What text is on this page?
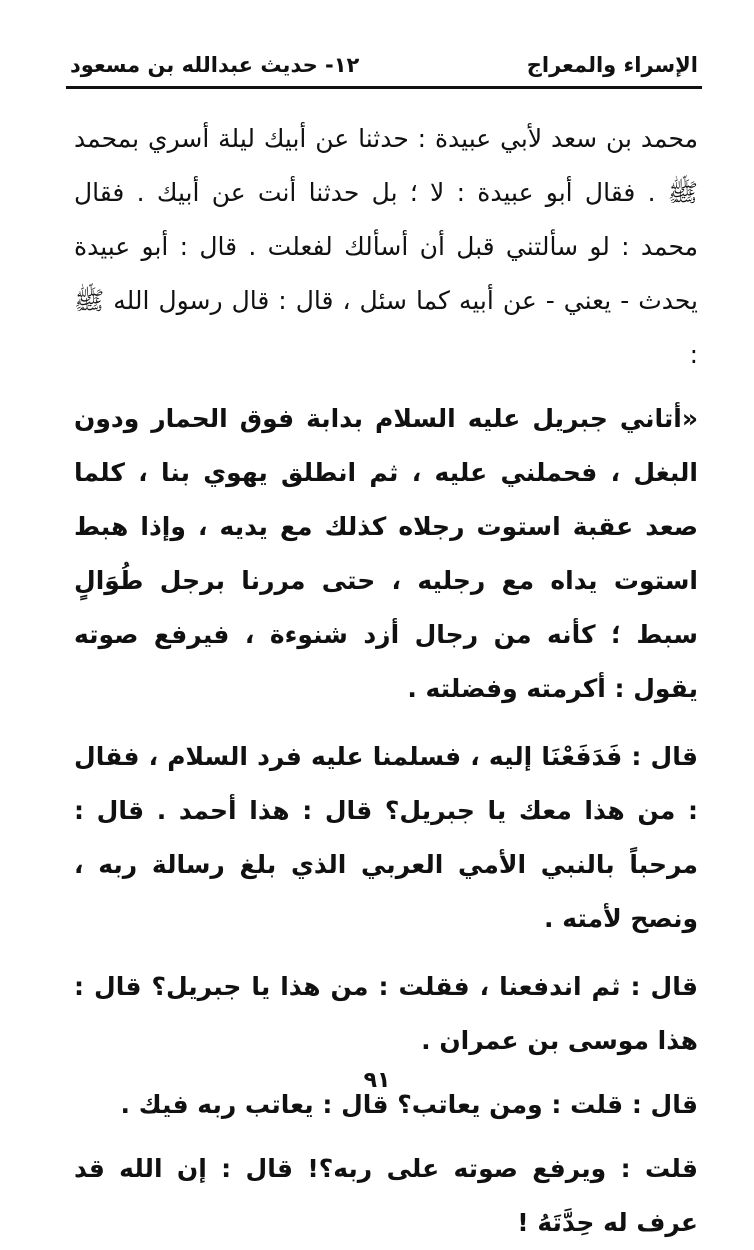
الإسراء والمعراج
١٢- حديث عبدالله بن مسعود

محمد بن سعد لأبي عبيدة : حدثنا عن أبيك ليلة أسري بمحمد ﷺ . فقال أبو عبيدة : لا ؛ بل حدثنا أنت عن أبيك . فقال محمد : لو سألتني قبل أن أسألك لفعلت . قال : أبو عبيدة يحدث - يعني - عن أبيه كما سئل ، قال : قال رسول الله ﷺ :

«أتاني جبريل عليه السلام بدابة فوق الحمار ودون البغل ، فحملني عليه ، ثم انطلق يهوي بنا ، كلما صعد عقبة استوت رجلاه كذلك مع يديه ، وإذا هبط استوت يداه مع رجليه ، حتى مررنا برجل طُوَالٍ سبط ؛ كأنه من رجال أزد شنوءة ، فيرفع صوته يقول : أكرمته وفضلته .

قال : فَدَفَعْنَا إليه ، فسلمنا عليه فرد السلام ، فقال : من هذا معك يا جبريل؟ قال : هذا أحمد . قال : مرحباً بالنبي الأمي العربي الذي بلغ رسالة ربه ، ونصح لأمته .

قال : ثم اندفعنا ، فقلت : من هذا يا جبريل؟ قال : هذا موسى بن عمران .

قال : قلت : ومن يعاتب؟ قال : يعاتب ربه فيك .

قلت : ويرفع صوته على ربه؟! قال : إن الله قد عرف له حِدَّتَهُ !

٩١
